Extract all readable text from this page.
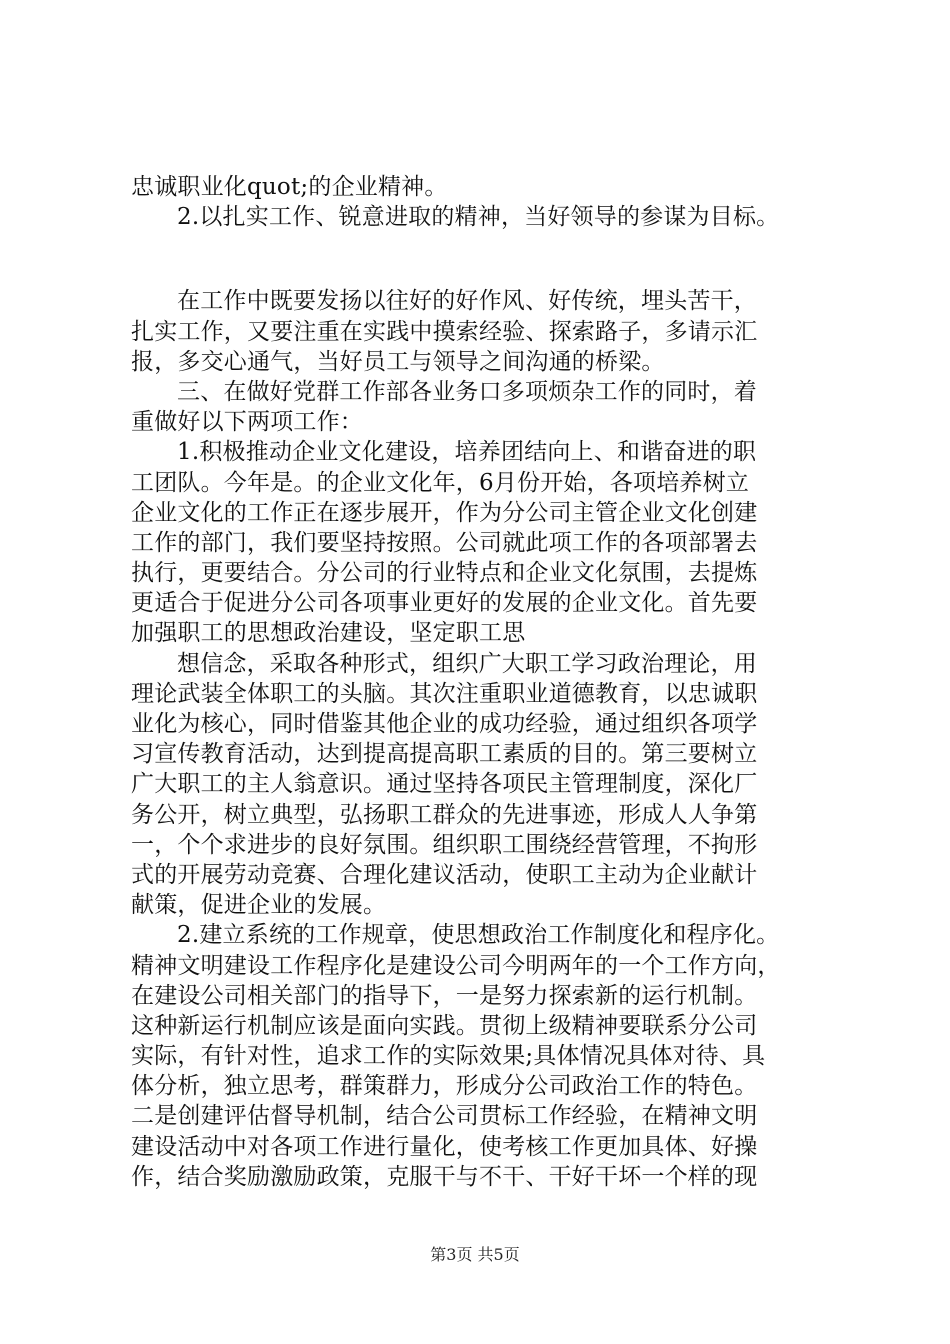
忠诚职业化quot;的企业精神。
2.以扎实工作、锐意进取的精神，当好领导的参谋为目标。
在工作中既要发扬以往好的好作风、好传统，埋头苦干，
扎实工作，又要注重在实践中摸索经验、探索路子，多请示汇
报，多交心通气，当好员工与领导之间沟通的桥梁。
三、在做好党群工作部各业务口多项烦杂工作的同时，着
重做好以下两项工作：
1.积极推动企业文化建设，培养团结向上、和谐奋进的职
工团队。今年是。的企业文化年，6月份开始，各项培养树立
企业文化的工作正在逐步展开，作为分公司主管企业文化创建
工作的部门，我们要坚持按照。公司就此项工作的各项部署去
执行，更要结合。分公司的行业特点和企业文化氛围，去提炼
更适合于促进分公司各项事业更好的发展的企业文化。首先要
加强职工的思想政治建设，坚定职工思
想信念，采取各种形式，组织广大职工学习政治理论，用
理论武装全体职工的头脑。其次注重职业道德教育，以忠诚职
业化为核心，同时借鉴其他企业的成功经验，通过组织各项学
习宣传教育活动，达到提高提高职工素质的目的。第三要树立
广大职工的主人翁意识。通过坚持各项民主管理制度，深化厂
务公开，树立典型，弘扬职工群众的先进事迹，形成人人争第
一，个个求进步的良好氛围。组织职工围绕经营管理，不拘形
式的开展劳动竞赛、合理化建议活动，使职工主动为企业献计
献策，促进企业的发展。
2.建立系统的工作规章，使思想政治工作制度化和程序化。
精神文明建设工作程序化是建设公司今明两年的一个工作方向，
在建设公司相关部门的指导下，一是努力探索新的运行机制。
这种新运行机制应该是面向实践。贯彻上级精神要联系分公司
实际，有针对性，追求工作的实际效果;具体情况具体对待、具
体分析，独立思考，群策群力，形成分公司政治工作的特色。
二是创建评估督导机制，结合公司贯标工作经验，在精神文明
建设活动中对各项工作进行量化，使考核工作更加具体、好操
作，结合奖励激励政策，克服干与不干、干好干坏一个样的现
第3页 共5页
